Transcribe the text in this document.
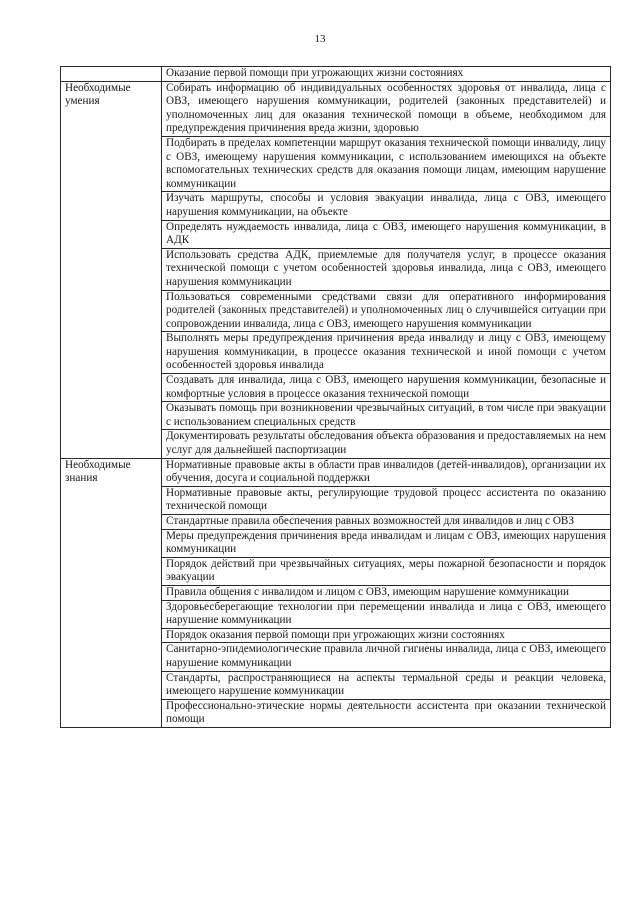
13
	Оказание первой помощи при угрожающих жизни состояниях
Необходимые умения	Собирать информацию об индивидуальных особенностях здоровья от инвалида, лица с ОВЗ, имеющего нарушения коммуникации, родителей (законных представителей) и уполномоченных лиц для оказания технической помощи в объеме, необходимом для предупреждения причинения вреда жизни, здоровью
	Подбирать в пределах компетенции маршрут оказания технической помощи инвалиду, лицу с ОВЗ, имеющему нарушения коммуникации, с использованием имеющихся на объекте вспомогательных технических средств для оказания помощи лицам, имеющим нарушение коммуникации
	Изучать маршруты, способы и условия эвакуации инвалида, лица с ОВЗ, имеющего нарушения коммуникации, на объекте
	Определять нуждаемость инвалида, лица с ОВЗ, имеющего нарушения коммуникации, в АДК
	Использовать средства АДК, приемлемые для получателя услуг, в процессе оказания технической помощи с учетом особенностей здоровья инвалида, лица с ОВЗ, имеющего нарушения коммуникации
	Пользоваться современными средствами связи для оперативного информирования родителей (законных представителей) и уполномоченных лиц о случившейся ситуации при сопровождении инвалида, лица с ОВЗ, имеющего нарушения коммуникации
	Выполнять меры предупреждения причинения вреда инвалиду и лицу с ОВЗ, имеющему нарушения коммуникации, в процессе оказания технической и иной помощи с учетом особенностей здоровья инвалида
	Создавать для инвалида, лица с ОВЗ, имеющего нарушения коммуникации, безопасные и комфортные условия в процессе оказания технической помощи
	Оказывать помощь при возникновении чрезвычайных ситуаций, в том числе при эвакуации с использованием специальных средств
	Документировать результаты обследования объекта образования и предоставляемых на нем услуг для дальнейшей паспортизации
Необходимые знания	Нормативные правовые акты в области прав инвалидов (детей-инвалидов), организации их обучения, досуга и социальной поддержки
	Нормативные правовые акты, регулирующие трудовой процесс ассистента по оказанию технической помощи
	Стандартные правила обеспечения равных возможностей для инвалидов и лиц с ОВЗ
	Меры предупреждения причинения вреда инвалидам и лицам с ОВЗ, имеющих нарушения коммуникации
	Порядок действий при чрезвычайных ситуациях, меры пожарной безопасности и порядок эвакуации
	Правила общения с инвалидом и лицом с ОВЗ, имеющим нарушение коммуникации
	Здоровьесберегающие технологии при перемещении инвалида и лица с ОВЗ, имеющего нарушение коммуникации
	Порядок оказания первой помощи при угрожающих жизни состояниях
	Санитарно-эпидемиологические правила личной гигиены инвалида, лица с ОВЗ, имеющего нарушение коммуникации
	Стандарты, распространяющиеся на аспекты термальной среды и реакции человека, имеющего нарушение коммуникации
	Профессионально-этические нормы деятельности ассистента при оказании технической помощи
